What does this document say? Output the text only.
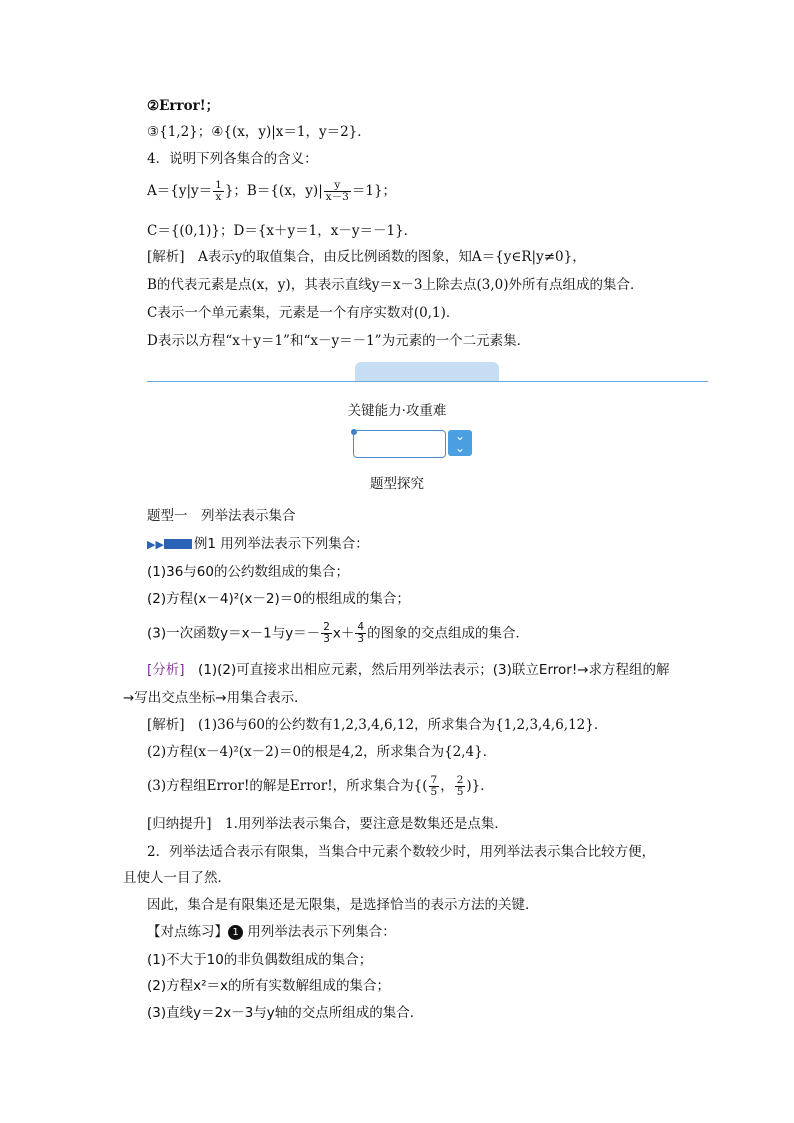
②Error!；
③{1,2}；④{(x，y)|x＝1，y＝2}．
4．说明下列各集合的含义：
$A=\{y|y= \frac{1}{x}$ }；B＝{(x，$y)| \frac{y}{x-3} =1$}；
C＝{(0,1)}；D＝{x＋y＝1，x－y＝－1}．
[解析]　A表示y的取值集合，由反比例函数的图象，知A＝{y∈R|y≠0}，
B的代表元素是点(x，y)，其表示直线y＝x－3上除去点(3,0)外所有点组成的集合．
C表示一个单元素集，元素是一个有序实数对(0,1)．
D表示以方程“x＋y＝1”和“x－y＝－1”为元素的一个二元素集．
关键能力·攻重难
⌄
⌄
题型探究
题型一　列举法表示集合
▶▶ 例1 用列举法表示下列集合：
(1)36与60的公约数组成的集合；
(2)方程(x－4)²(x－2)＝0的根组成的集合；
(3)一次函数y＝x－1与$y=- \frac{2}{3} x+ \frac{4}{3}$ 的图象的交点组成的集合．
[分析]　(1)(2)可直接求出相应元素，然后用列举法表示；(3)联立Error!→求方程组的解
→写出交点坐标→用集合表示．
[解析]　(1)36与60的公约数有1,2,3,4,6,12，所求集合为{1,2,3,4,6,12}．
(2)方程(x－4)²(x－2)＝0的根是4,2，所求集合为{2,4}．
(3)方程组Error!的解是Error!，所求集合为{( $\frac{7}{5}$ ， $\frac{2}{5}$ )}．
[归纳提升]　1.用列举法表示集合，要注意是数集还是点集．
2．列举法适合表示有限集，当集合中元素个数较少时，用列举法表示集合比较方便，
且使人一目了然．
因此，集合是有限集还是无限集，是选择恰当的表示方法的关键．
【对点练习】 1 用列举法表示下列集合：
(1)不大于10的非负偶数组成的集合；
(2)方程x²＝x的所有实数解组成的集合；
(3)直线y＝2x－3与y轴的交点所组成的集合．
